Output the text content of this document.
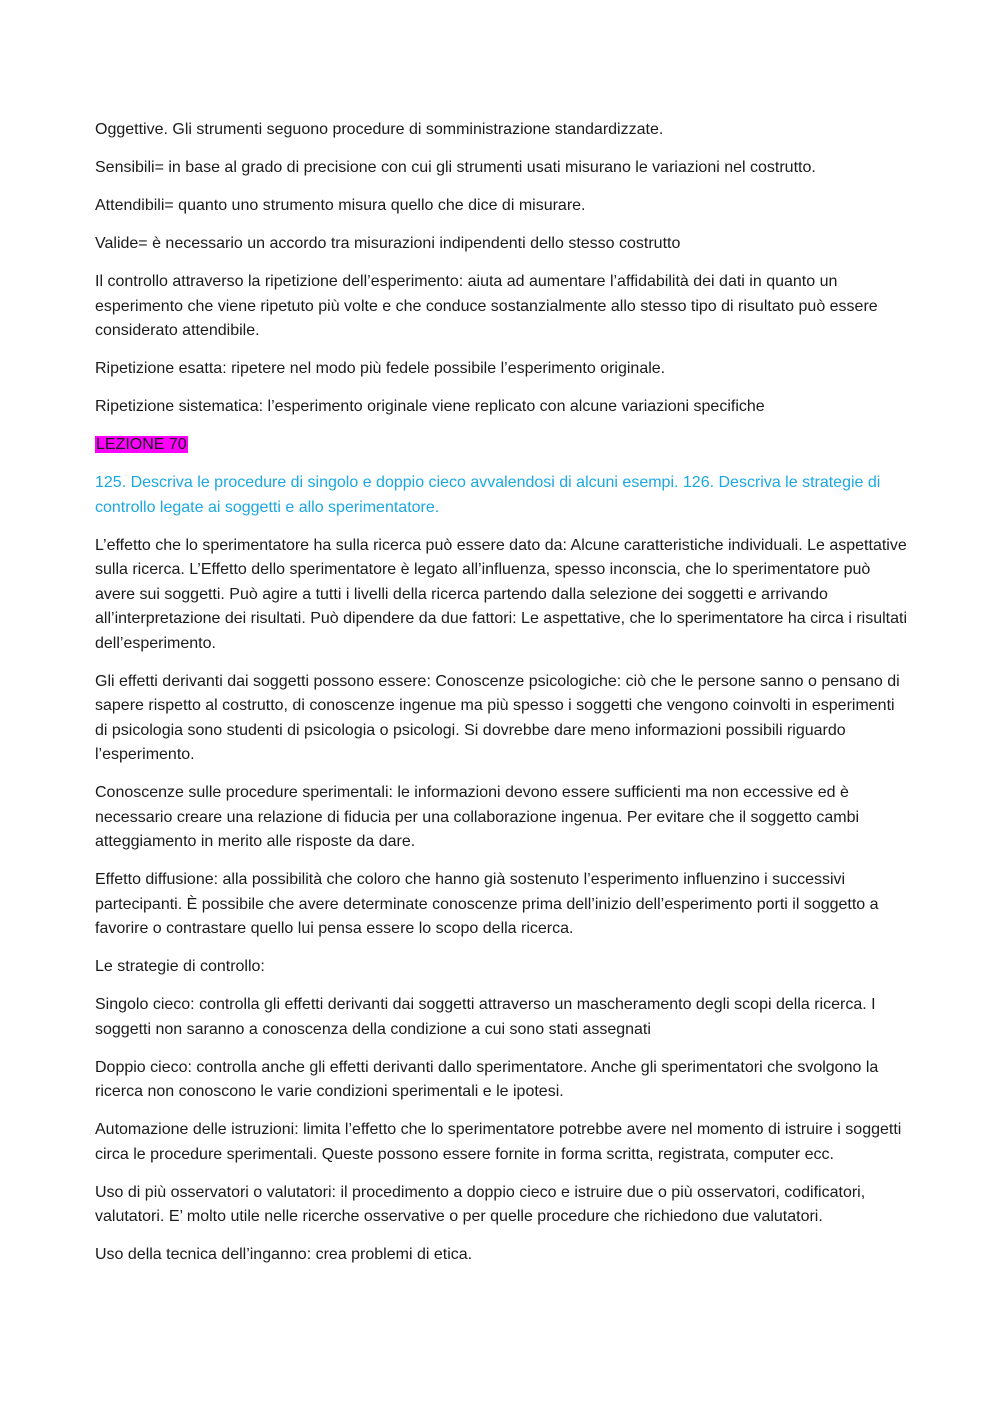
Oggettive. Gli strumenti seguono procedure di somministrazione standardizzate.

Sensibili= in base al grado di precisione con cui gli strumenti usati misurano le variazioni nel costrutto.

Attendibili= quanto uno strumento misura quello che dice di misurare.

Valide= è necessario un accordo tra misurazioni indipendenti dello stesso costrutto

Il controllo attraverso la ripetizione dell’esperimento: aiuta ad aumentare l’affidabilità dei dati in quanto un esperimento che viene ripetuto più volte e che conduce sostanzialmente allo stesso tipo di risultato può essere considerato attendibile.

Ripetizione esatta: ripetere nel modo più fedele possibile l’esperimento originale.

Ripetizione sistematica: l’esperimento originale viene replicato con alcune variazioni specifiche

LEZIONE 70

125. Descriva le procedure di singolo e doppio cieco avvalendosi di alcuni esempi. 126. Descriva le strategie di controllo legate ai soggetti e allo sperimentatore.

L’effetto che lo sperimentatore ha sulla ricerca può essere dato da: Alcune caratteristiche individuali. Le aspettative sulla ricerca. L’Effetto dello sperimentatore è legato all’influenza, spesso inconscia, che lo sperimentatore può avere sui soggetti. Può agire a tutti i livelli della ricerca partendo dalla selezione dei soggetti e arrivando all’interpretazione dei risultati. Può dipendere da due fattori: Le aspettative, che lo sperimentatore ha circa i risultati dell’esperimento.

Gli effetti derivanti dai soggetti possono essere: Conoscenze psicologiche: ciò che le persone sanno o pensano di sapere rispetto al costrutto, di conoscenze ingenue ma più spesso i soggetti che vengono coinvolti in esperimenti di psicologia sono studenti di psicologia o psicologi. Si dovrebbe dare meno informazioni possibili riguardo l’esperimento.

Conoscenze sulle procedure sperimentali: le informazioni devono essere sufficienti ma non eccessive ed è necessario creare una relazione di fiducia per una collaborazione ingenua. Per evitare che il soggetto cambi atteggiamento in merito alle risposte da dare.

Effetto diffusione: alla possibilità che coloro che hanno già sostenuto l’esperimento influenzino i successivi partecipanti. È possibile che avere determinate conoscenze prima dell’inizio dell’esperimento porti il soggetto a favorire o contrastare quello lui pensa essere lo scopo della ricerca.

Le strategie di controllo:

Singolo cieco: controlla gli effetti derivanti dai soggetti attraverso un mascheramento degli scopi della ricerca. I soggetti non saranno a conoscenza della condizione a cui sono stati assegnati

Doppio cieco: controlla anche gli effetti derivanti dallo sperimentatore. Anche gli sperimentatori che svolgono la ricerca non conoscono le varie condizioni sperimentali e le ipotesi.

Automazione delle istruzioni: limita l’effetto che lo sperimentatore potrebbe avere nel momento di istruire i soggetti circa le procedure sperimentali. Queste possono essere fornite in forma scritta, registrata, computer ecc.

Uso di più osservatori o valutatori: il procedimento a doppio cieco e istruire due o più osservatori, codificatori, valutatori. E’ molto utile nelle ricerche osservative o per quelle procedure che richiedono due valutatori.

Uso della tecnica dell’inganno: crea problemi di etica.
